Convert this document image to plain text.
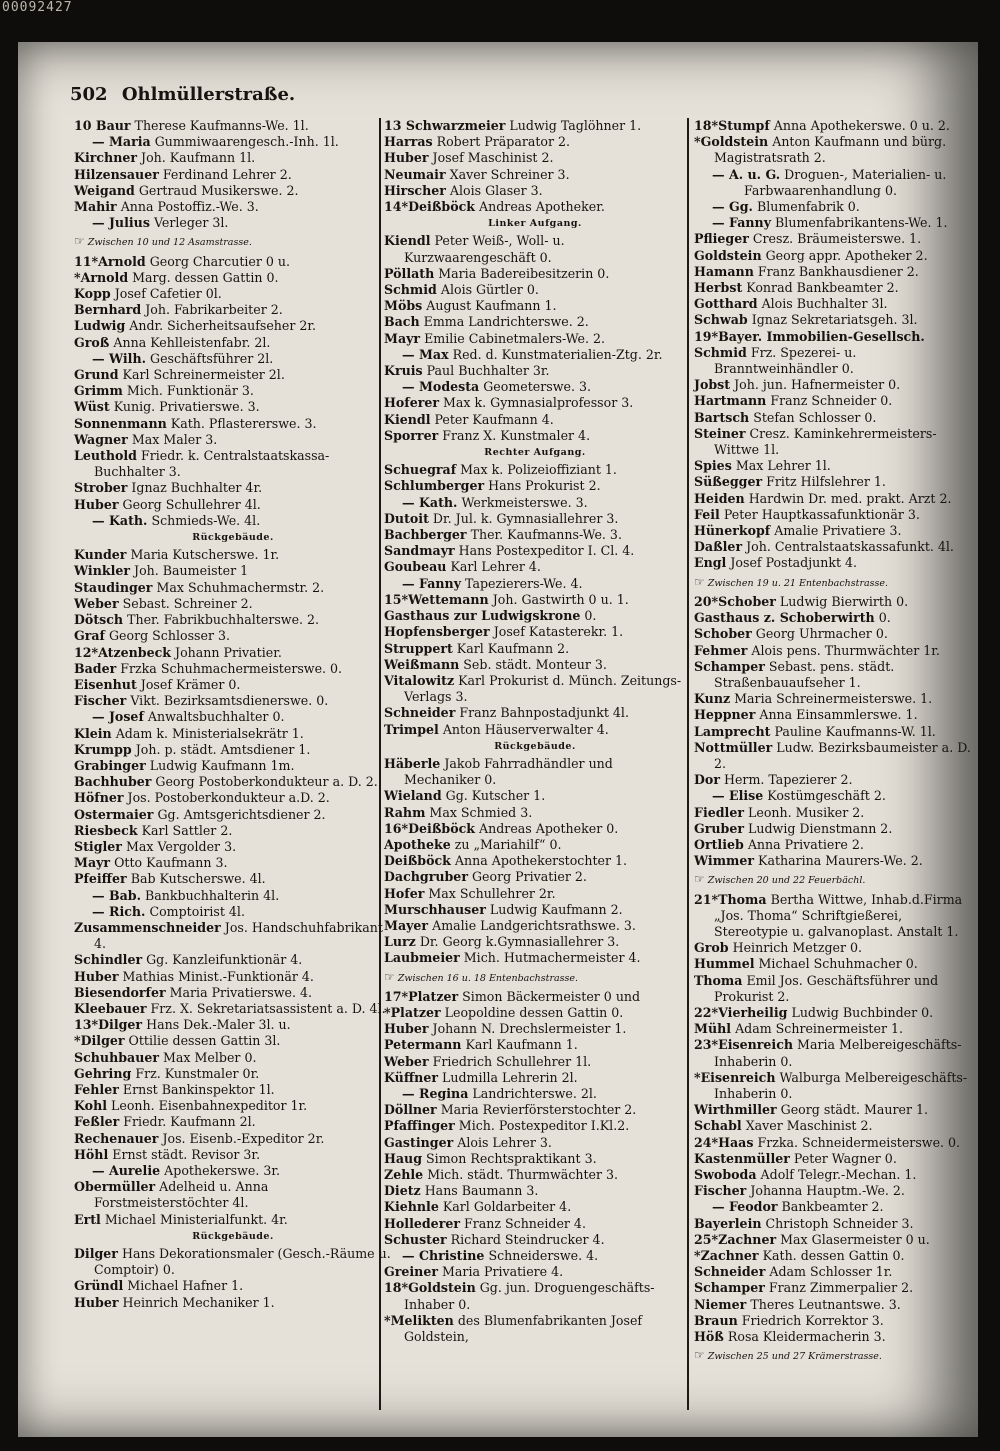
502 Ohlmüllerstraße.

10 Baur Therese Kaufmanns-We. 1l.

— Maria Gummiwaarengesch.-Inh. 1l.

Kirchner Joh. Kaufmann 1l.

Hilzensauer Ferdinand Lehrer 2.

Weigand Gertraud Musikerswe. 2.

Mahir Anna Postoffiz.-We. 3.

— Julius Verleger 3l.

☞ Zwischen 10 und 12 Asamstrasse.

11*Arnold Georg Charcutier 0 u.

*Arnold Marg. dessen Gattin 0.

Kopp Josef Cafetier 0l.

Bernhard Joh. Fabrikarbeiter 2.

Ludwig Andr. Sicherheitsaufseher 2r.

Groß Anna Kehlleistenfabr. 2l.

— Wilh. Geschäftsführer 2l.

Grund Karl Schreinermeister 2l.

Grimm Mich. Funktionär 3.

Wüst Kunig. Privatierswe. 3.

Sonnenmann Kath. Pflastererswe. 3.

Wagner Max Maler 3.

Leuthold Friedr. k. Centralstaatskassa-Buchhalter 3.

Strober Ignaz Buchhalter 4r.

Huber Georg Schullehrer 4l.

— Kath. Schmieds-We. 4l.

Rückgebäude.

Kunder Maria Kutscherswe. 1r.

Winkler Joh. Baumeister 1

Staudinger Max Schuhmachermstr. 2.

Weber Sebast. Schreiner 2.

Dötsch Ther. Fabrikbuchhalterswe. 2.

Graf Georg Schlosser 3.

12*Atzenbeck Johann Privatier.

Bader Frzka Schuhmachermeisterswe. 0.

Eisenhut Josef Krämer 0.

Fischer Vikt. Bezirksamtsdienerswe. 0.

— Josef Anwaltsbuchhalter 0.

Klein Adam k. Ministerialsekrätr 1.

Krumpp Joh. p. städt. Amtsdiener 1.

Grabinger Ludwig Kaufmann 1m.

Bachhuber Georg Postoberkondukteur a. D. 2.

Höfner Jos. Postoberkondukteur a.D. 2.

Ostermaier Gg. Amtsgerichtsdiener 2.

Riesbeck Karl Sattler 2.

Stigler Max Vergolder 3.

Mayr Otto Kaufmann 3.

Pfeiffer Bab Kutscherswe. 4l.

— Bab. Bankbuchhalterin 4l.

— Rich. Comptoirist 4l.

Zusammenschneider Jos. Handschuhfabrikant 4.

Schindler Gg. Kanzleifunktionär 4.

Huber Mathias Minist.-Funktionär 4.

Biesendorfer Maria Privatierswe. 4.

Kleebauer Frz. X. Sekretariatsassistent a. D. 4l.

13*Dilger Hans Dek.-Maler 3l. u.

*Dilger Ottilie dessen Gattin 3l.

Schuhbauer Max Melber 0.

Gehring Frz. Kunstmaler 0r.

Fehler Ernst Bankinspektor 1l.

Kohl Leonh. Eisenbahnexpeditor 1r.

Feßler Friedr. Kaufmann 2l.

Rechenauer Jos. Eisenb.-Expeditor 2r.

Höhl Ernst städt. Revisor 3r.

— Aurelie Apothekerswe. 3r.

Obermüller Adelheid u. Anna Forstmeisterstöchter 4l.

Ertl Michael Ministerialfunkt. 4r.

Rückgebäude.

Dilger Hans Dekorationsmaler (Gesch.-Räume u. Comptoir) 0.

Gründl Michael Hafner 1.

Huber Heinrich Mechaniker 1.

13 Schwarzmeier Ludwig Taglöhner 1.

Harras Robert Präparator 2.

Huber Josef Maschinist 2.

Neumair Xaver Schreiner 3.

Hirscher Alois Glaser 3.

14*Deißböck Andreas Apotheker.

Linker Aufgang.

Kiendl Peter Weiß-, Woll- u. Kurzwaarengeschäft 0.

Pöllath Maria Badereibesitzerin 0.

Schmid Alois Gürtler 0.

Möbs August Kaufmann 1.

Bach Emma Landrichterswe. 2.

Mayr Emilie Cabinetmalers-We. 2.

— Max Red. d. Kunstmaterialien-Ztg. 2r.

Kruis Paul Buchhalter 3r.

— Modesta Geometerswe. 3.

Hoferer Max k. Gymnasialprofessor 3.

Kiendl Peter Kaufmann 4.

Sporrer Franz X. Kunstmaler 4.

Rechter Aufgang.

Schuegraf Max k. Polizeioffiziant 1.

Schlumberger Hans Prokurist 2.

— Kath. Werkmeisterswe. 3.

Dutoit Dr. Jul. k. Gymnasiallehrer 3.

Bachberger Ther. Kaufmanns-We. 3.

Sandmayr Hans Postexpeditor I. Cl. 4.

Goubeau Karl Lehrer 4.

— Fanny Tapezierers-We. 4.

15*Wettemann Joh. Gastwirth 0 u. 1.

Gasthaus zur Ludwigskrone 0.

Hopfensberger Josef Katasterekr. 1.

Struppert Karl Kaufmann 2.

Weißmann Seb. städt. Monteur 3.

Vitalowitz Karl Prokurist d. Münch. Zeitungs-Verlags 3.

Schneider Franz Bahnpostadjunkt 4l.

Trimpel Anton Häuserverwalter 4.

Rückgebäude.

Häberle Jakob Fahrradhändler und Mechaniker 0.

Wieland Gg. Kutscher 1.

Rahm Max Schmied 3.

16*Deißböck Andreas Apotheker 0.

Apotheke zu „Mariahilf“ 0.

Deißböck Anna Apothekerstochter 1.

Dachgruber Georg Privatier 2.

Hofer Max Schullehrer 2r.

Murschhauser Ludwig Kaufmann 2.

Mayer Amalie Landgerichtsrathswe. 3.

Lurz Dr. Georg k.Gymnasiallehrer 3.

Laubmeier Mich. Hutmachermeister 4.

☞ Zwischen 16 u. 18 Entenbachstrasse.

17*Platzer Simon Bäckermeister 0 und

*Platzer Leopoldine dessen Gattin 0.

Huber Johann N. Drechslermeister 1.

Petermann Karl Kaufmann 1.

Weber Friedrich Schullehrer 1l.

Küffner Ludmilla Lehrerin 2l.

— Regina Landrichterswe. 2l.

Döllner Maria Revierförsterstochter 2.

Pfaffinger Mich. Postexpeditor I.Kl.2.

Gastinger Alois Lehrer 3.

Haug Simon Rechtspraktikant 3.

Zehle Mich. städt. Thurmwächter 3.

Dietz Hans Baumann 3.

Kiehnle Karl Goldarbeiter 4.

Hollederer Franz Schneider 4.

Schuster Richard Steindrucker 4.

— Christine Schneiderswe. 4.

Greiner Maria Privatiere 4.

18*Goldstein Gg. jun. Droguengeschäfts-Inhaber 0.

*Melikten des Blumenfabrikanten Josef Goldstein,

18*Stumpf Anna Apothekerswe. 0 u. 2.

*Goldstein Anton Kaufmann und bürg. Magistratsrath 2.

— A. u. G. Droguen-, Materialien- u. Farbwaarenhandlung 0.

— Gg. Blumenfabrik 0.

— Fanny Blumenfabrikantens-We. 1.

Pflieger Cresz. Bräumeisterswe. 1.

Goldstein Georg appr. Apotheker 2.

Hamann Franz Bankhausdiener 2.

Herbst Konrad Bankbeamter 2.

Gotthard Alois Buchhalter 3l.

Schwab Ignaz Sekretariatsgeh. 3l.

19*Bayer. Immobilien-Gesellsch.

Schmid Frz. Spezerei- u. Branntweinhändler 0.

Jobst Joh. jun. Hafnermeister 0.

Hartmann Franz Schneider 0.

Bartsch Stefan Schlosser 0.

Steiner Cresz. Kaminkehrermeisters-Wittwe 1l.

Spies Max Lehrer 1l.

Süßegger Fritz Hilfslehrer 1.

Heiden Hardwin Dr. med. prakt. Arzt 2.

Feil Peter Hauptkassafunktionär 3.

Hünerkopf Amalie Privatiere 3.

Daßler Joh. Centralstaatskassafunkt. 4l.

Engl Josef Postadjunkt 4.

☞ Zwischen 19 u. 21 Entenbachstrasse.

20*Schober Ludwig Bierwirth 0.

Gasthaus z. Schoberwirth 0.

Schober Georg Uhrmacher 0.

Fehmer Alois pens. Thurmwächter 1r.

Schamper Sebast. pens. städt. Straßenbauaufseher 1.

Kunz Maria Schreinermeisterswe. 1.

Heppner Anna Einsammlerswe. 1.

Lamprecht Pauline Kaufmanns-W. 1l.

Nottmüller Ludw. Bezirksbaumeister a. D. 2.

Dor Herm. Tapezierer 2.

— Elise Kostümgeschäft 2.

Fiedler Leonh. Musiker 2.

Gruber Ludwig Dienstmann 2.

Ortlieb Anna Privatiere 2.

Wimmer Katharina Maurers-We. 2.

☞ Zwischen 20 und 22 Feuerbächl.

21*Thoma Bertha Wittwe, Inhab.d.Firma „Jos. Thoma“ Schriftgießerei, Stereotypie u. galvanoplast. Anstalt 1.

Grob Heinrich Metzger 0.

Hummel Michael Schuhmacher 0.

Thoma Emil Jos. Geschäftsführer und Prokurist 2.

22*Vierheilig Ludwig Buchbinder 0.

Mühl Adam Schreinermeister 1.

23*Eisenreich Maria Melbereigeschäfts-Inhaberin 0.

*Eisenreich Walburga Melbereigeschäfts-Inhaberin 0.

Wirthmiller Georg städt. Maurer 1.

Schabl Xaver Maschinist 2.

24*Haas Frzka. Schneidermeisterswe. 0.

Kastenmüller Peter Wagner 0.

Swoboda Adolf Telegr.-Mechan. 1.

Fischer Johanna Hauptm.-We. 2.

— Feodor Bankbeamter 2.

Bayerlein Christoph Schneider 3.

25*Zachner Max Glasermeister 0 u.

*Zachner Kath. dessen Gattin 0.

Schneider Adam Schlosser 1r.

Schamper Franz Zimmerpalier 2.

Niemer Theres Leutnantswe. 3.

Braun Friedrich Korrektor 3.

Höß Rosa Kleidermacherin 3.

☞ Zwischen 25 und 27 Krämerstrasse.
00092427
